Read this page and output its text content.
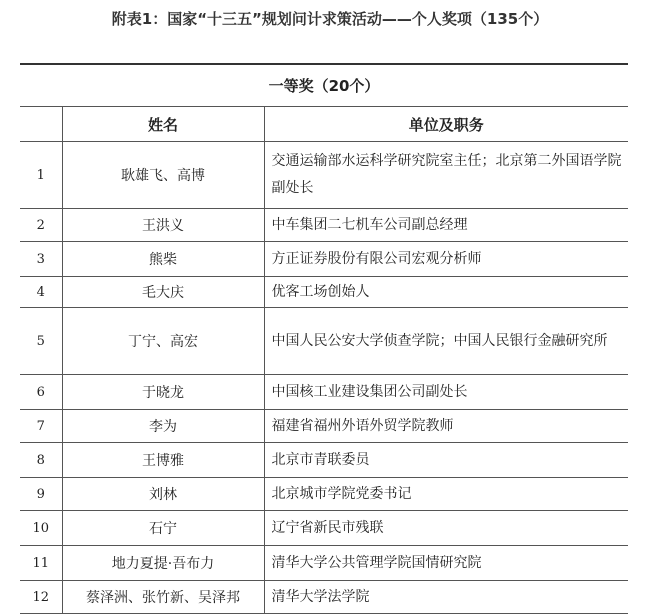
附表1：国家“十三五”规划问计求策活动——个人奖项（135个）
一等奖（20个）		
	姓名	单位及职务
1	耿雄飞、高博	交通运输部水运科学研究院室主任；北京第二外国语学院副处长
2	王洪义	中车集团二七机车公司副总经理
3	熊柴	方正证券股份有限公司宏观分析师
4	毛大庆	优客工场创始人
5	丁宁、高宏	中国人民公安大学侦查学院；中国人民银行金融研究所
6	于晓龙	中国核工业建设集团公司副处长
7	李为	福建省福州外语外贸学院教师
8	王博雅	北京市青联委员
9	刘林	北京城市学院党委书记
10	石宁	辽宁省新民市残联
11	地力夏提·吾布力	清华大学公共管理学院国情研究院
12	蔡泽洲、张竹新、吴泽邦	清华大学法学院
